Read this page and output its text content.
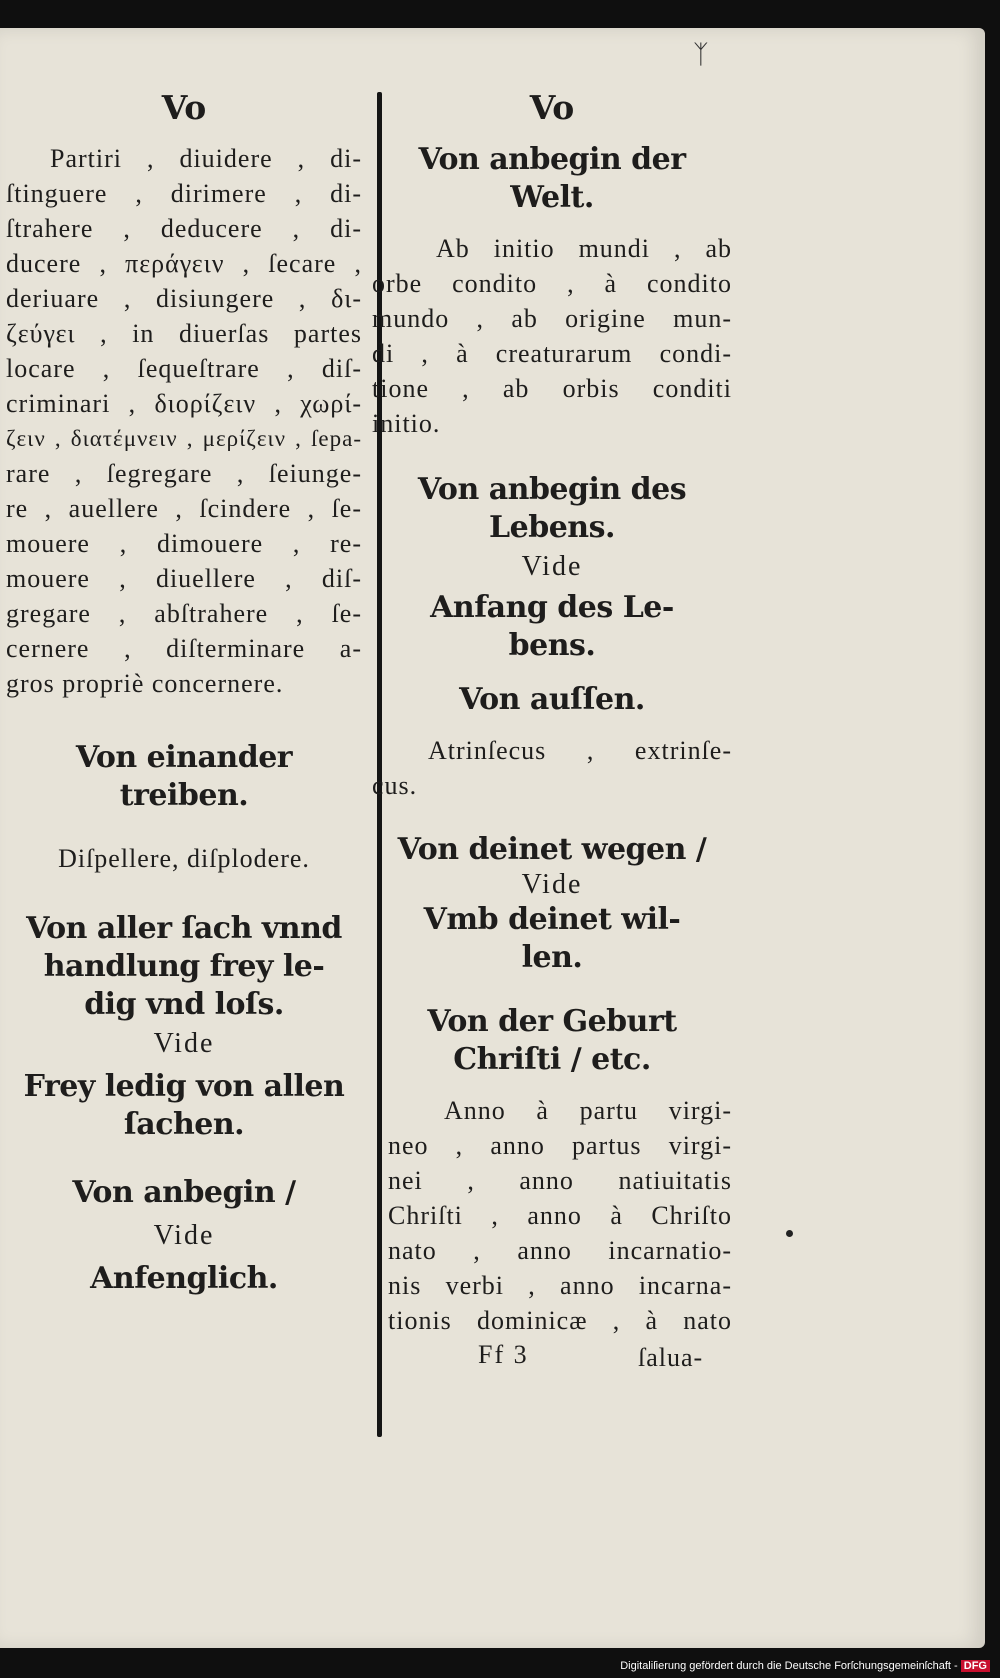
ᛉ
Vo

Partiri , diuidere , di-

ſtinguere , dirimere , di-

ſtrahere , deducere , di-

ducere , περάγειν , ſecare ,

deriuare , disiungere , δι-

ζεύγει , in diuerſas partes

locare , ſequeſtrare , diſ-

criminari , διορίζειν , χωρί-

ζειν , διατέμνειν , μερίζειν , ſepa-

rare , ſegregare , ſeiunge-

re , auellere , ſcindere , ſe-

mouere , dimouere , re-

mouere , diuellere , diſ-

gregare , abſtrahere , ſe-

cernere , diſterminare a-

gros propriè concernere.

Von einander
treiben.
Diſpellere, diſplodere.
Von aller ſach vnnd
handlung frey le-
dig vnd loſs.
Vide
Frey ledig von allen
ſachen.
Von anbegin /
Vide
Anfenglich.
Vo
Von anbegin der
Welt.

Ab initio mundi , ab

orbe condito , à condito

mundo , ab origine mun-

di , à creaturarum condi-

tione , ab orbis conditi

initio.

Von anbegin des
Lebens.
Vide
Anfang des Le-
bens.
Von auſſen.

Atrinſecus , extrinſe-

cus.

Von deinet wegen /
Vide
Vmb deinet wil-
len.
Von der Geburt
Chriſti / etc.

Anno à partu virgi-

neo , anno partus virgi-

nei , anno natiuitatis

Chriſti , anno à Chriſto

nato , anno incarnatio-

nis verbi , anno incarna-

tionis dominicæ , à nato

Ff 3	ſalua-
Digitaliſierung gefördert durch die Deutsche Forſchungsgemeinſchaft - DFG
